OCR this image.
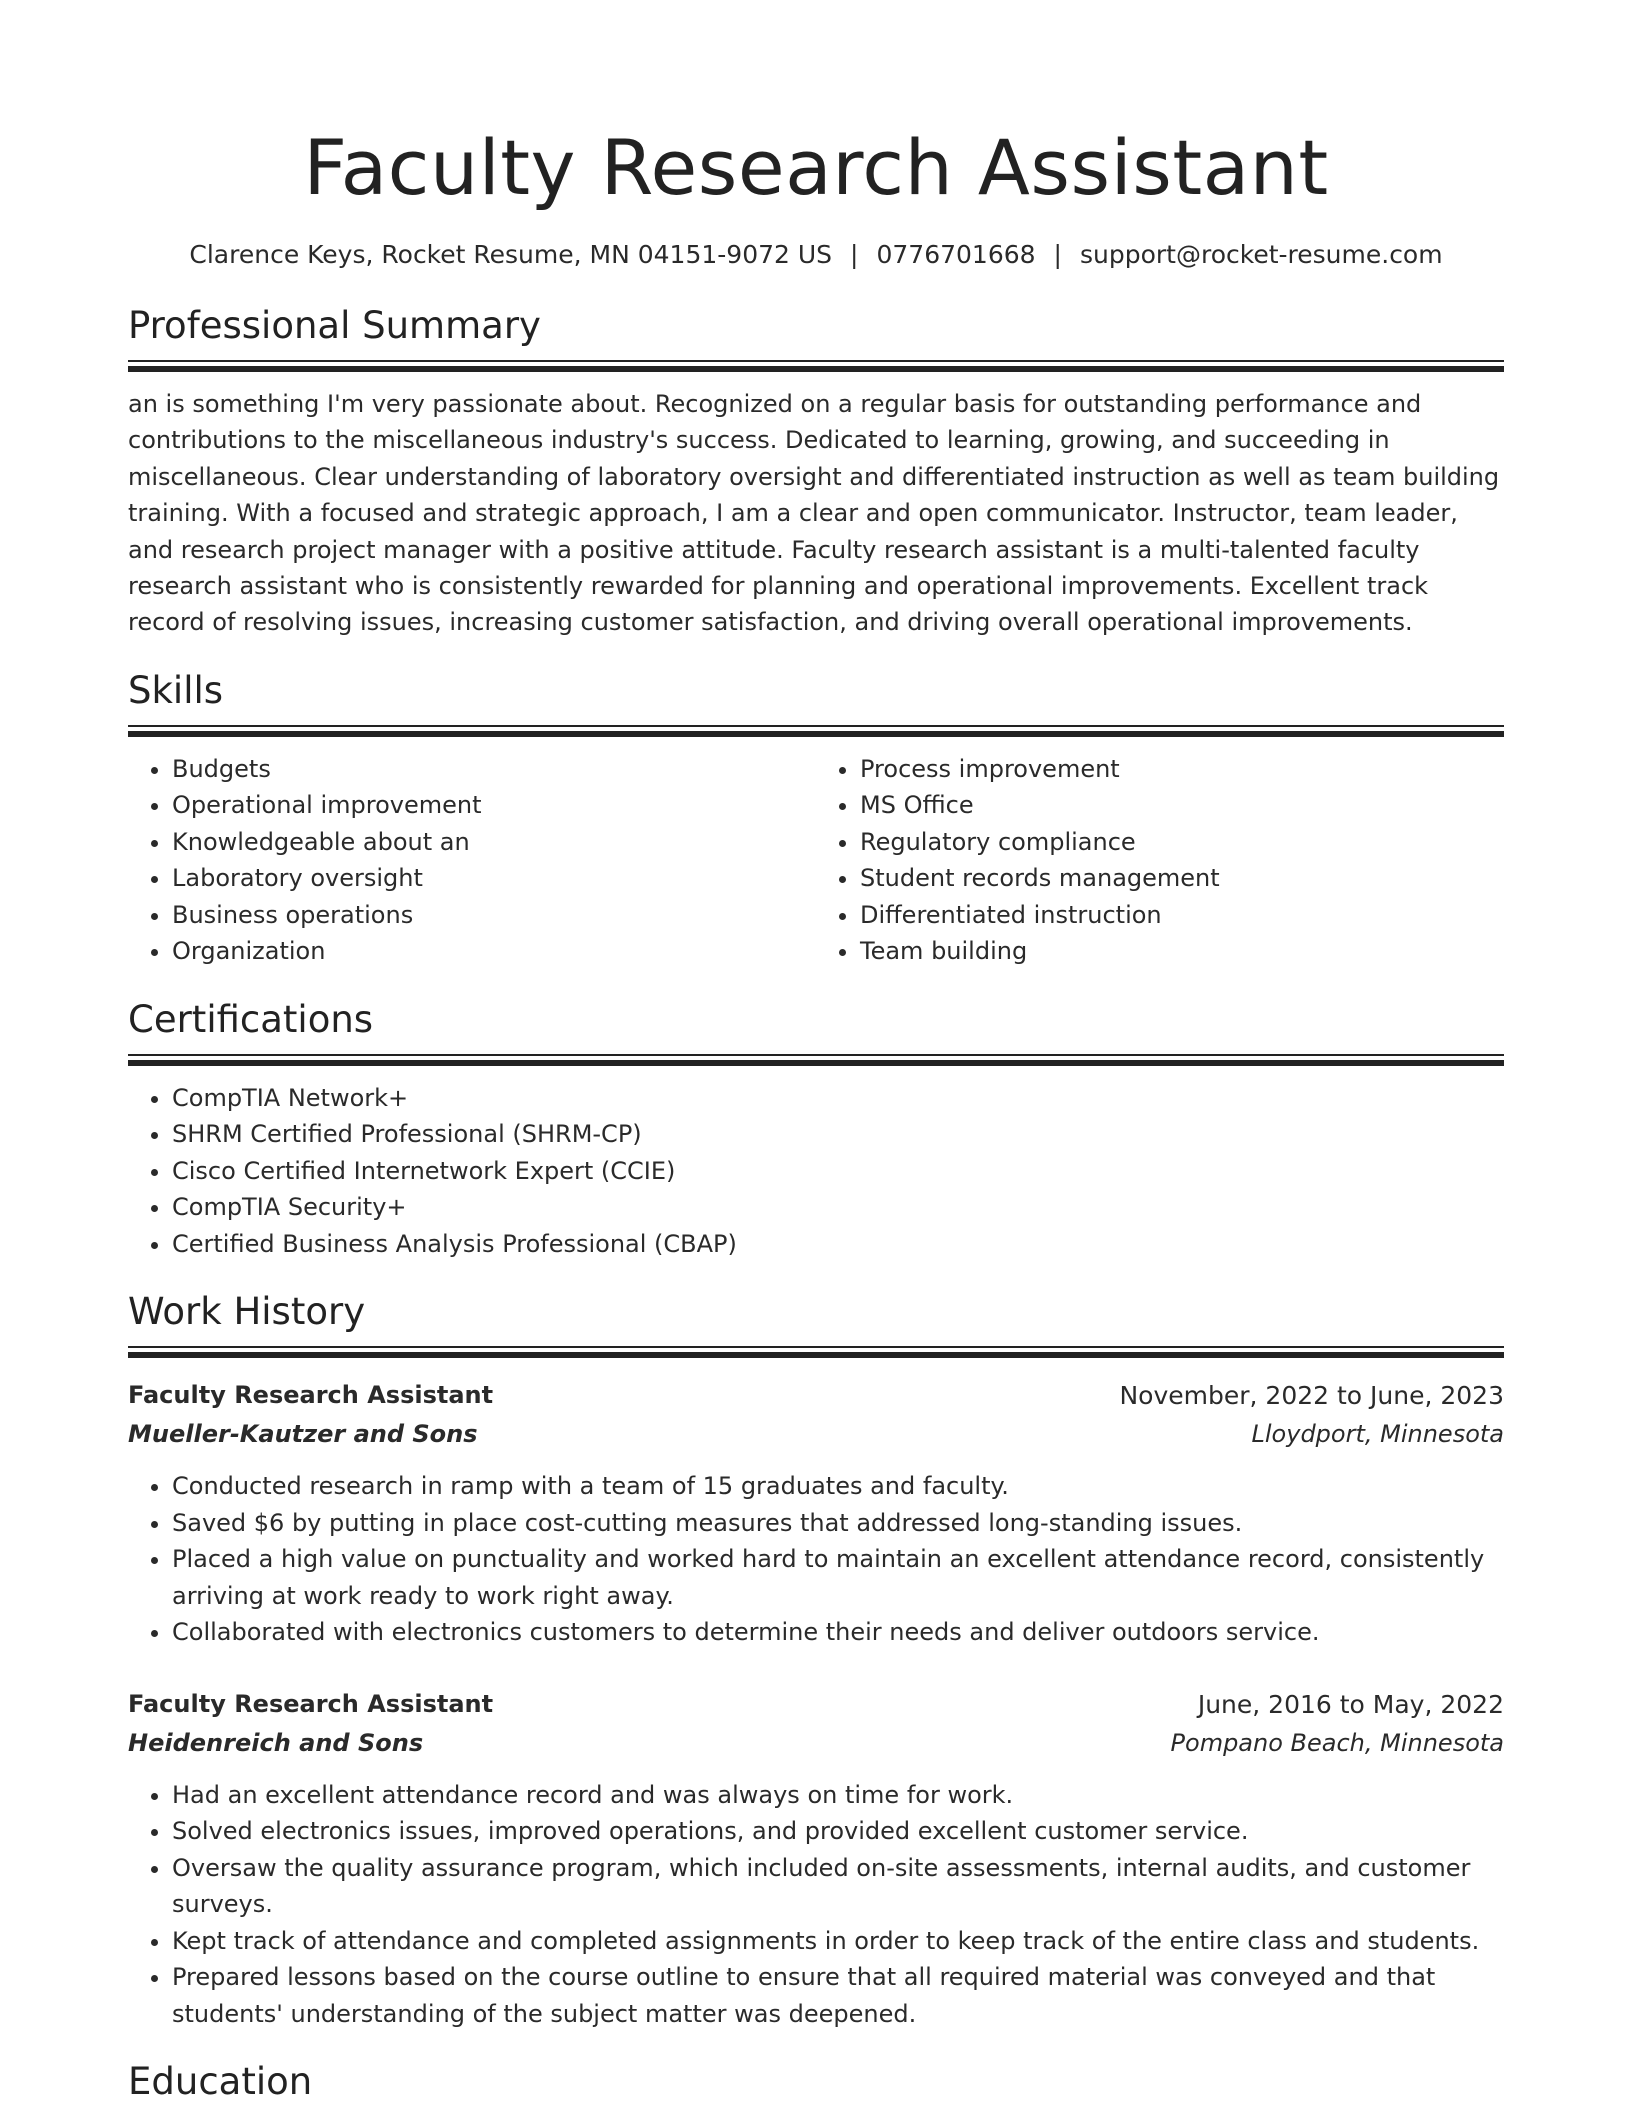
Faculty Research Assistant
Clarence Keys, Rocket Resume, MN 04151-9072 US | 0776701668 | support@rocket-resume.com
Professional Summary

an is something I'm very passionate about. Recognized on a regular basis for outstanding performance and contributions to the miscellaneous industry's success. Dedicated to learning, growing, and succeeding in miscellaneous. Clear understanding of laboratory oversight and differentiated instruction as well as team building training. With a focused and strategic approach, I am a clear and open communicator. Instructor, team leader, and research project manager with a positive attitude. Faculty research assistant is a multi-talented faculty research assistant who is consistently rewarded for planning and operational improvements. Excellent track record of resolving issues, increasing customer satisfaction, and driving overall operational improvements.

Skills
• Budgets
• Operational improvement
• Knowledgeable about an
• Laboratory oversight
• Business operations
• Organization
• Process improvement
• MS Office
• Regulatory compliance
• Student records management
• Differentiated instruction
• Team building
Certifications
• CompTIA Network+
• SHRM Certified Professional (SHRM-CP)
• Cisco Certified Internetwork Expert (CCIE)
• CompTIA Security+
• Certified Business Analysis Professional (CBAP)
Work History
Faculty Research Assistant	November, 2022 to June, 2023
Mueller-Kautzer and Sons	Lloydport, Minnesota
• Conducted research in ramp with a team of 15 graduates and faculty.
• Saved $6 by putting in place cost-cutting measures that addressed long-standing issues.
• Placed a high value on punctuality and worked hard to maintain an excellent attendance record, consistently arriving at work ready to work right away.
• Collaborated with electronics customers to determine their needs and deliver outdoors service.
Faculty Research Assistant	June, 2016 to May, 2022
Heidenreich and Sons	Pompano Beach, Minnesota
• Had an excellent attendance record and was always on time for work.
• Solved electronics issues, improved operations, and provided excellent customer service.
• Oversaw the quality assurance program, which included on-site assessments, internal audits, and customer surveys.
• Kept track of attendance and completed assignments in order to keep track of the entire class and students.
• Prepared lessons based on the course outline to ensure that all required material was conveyed and that students' understanding of the subject matter was deepened.
Education
